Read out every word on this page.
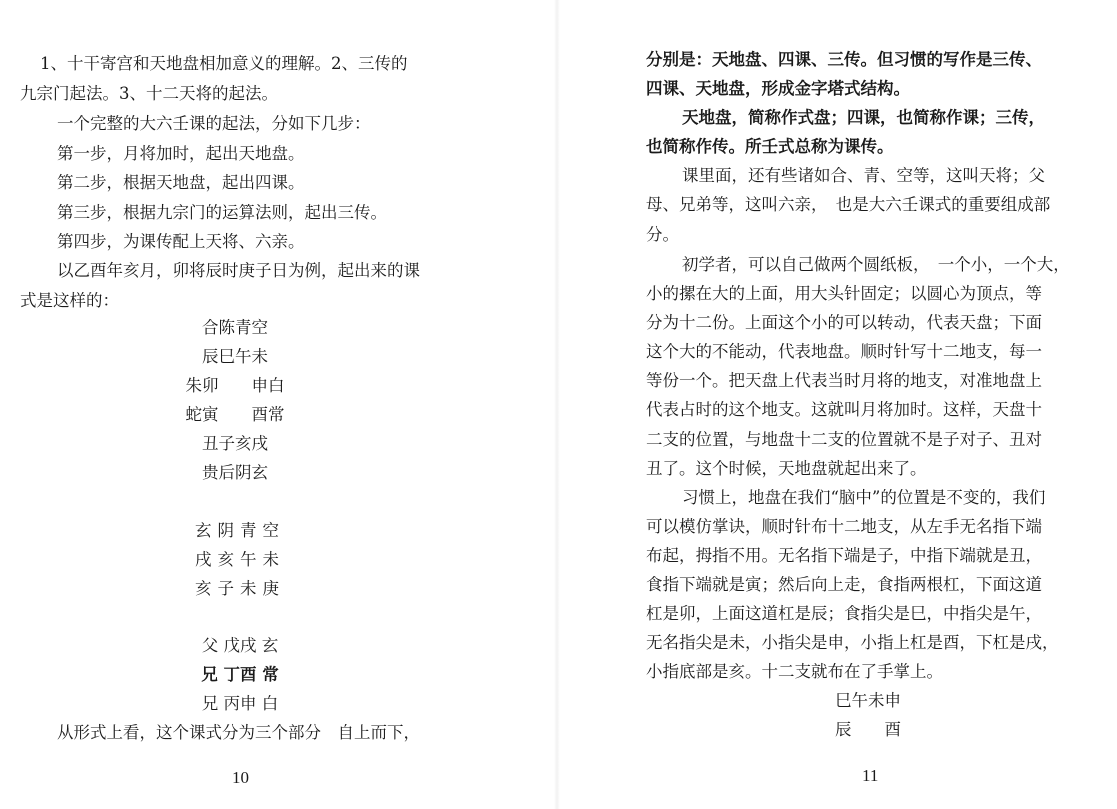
1、十干寄宫和天地盘相加意义的理解。2、三传的
九宗门起法。3、十二天将的起法。
一个完整的大六壬课的起法，分如下几步：
第一步，月将加时，起出天地盘。
第二步，根据天地盘，起出四课。
第三步，根据九宗门的运算法则，起出三传。
第四步，为课传配上天将、六亲。
以乙酉年亥月，卯将辰时庚子日为例，起出来的课
式是这样的：
合陈青空
辰巳午未
朱卯　　申白
蛇寅　　酉常
丑子亥戌
贵后阴玄
玄阴青空
戌亥午未
亥子未庚
父 戊戌 玄
兄 丁酉 常
兄 丙申 白
从形式上看，这个课式分为三个部分　自上而下，
10
分别是：天地盘、四课、三传。但习惯的写作是三传、
四课、天地盘，形成金字塔式结构。
天地盘，简称作式盘；四课，也简称作课；三传，
也简称作传。所壬式总称为课传。
课里面，还有些诸如合、青、空等，这叫天将；父
母、兄弟等，这叫六亲，　也是大六壬课式的重要组成部
分。
初学者，可以自己做两个圆纸板，　一个小，一个大，
小的摞在大的上面，用大头针固定；以圆心为顶点，等
分为十二份。上面这个小的可以转动，代表天盘；下面
这个大的不能动，代表地盘。顺时针写十二地支，每一
等份一个。把天盘上代表当时月将的地支，对准地盘上
代表占时的这个地支。这就叫月将加时。这样，天盘十
二支的位置，与地盘十二支的位置就不是子对子、丑对
丑了。这个时候，天地盘就起出来了。
习惯上，地盘在我们“脑中”的位置是不变的，我们
可以模仿掌诀，顺时针布十二地支，从左手无名指下端
布起，拇指不用。无名指下端是子，中指下端就是丑，
食指下端就是寅；然后向上走，食指两根杠，下面这道
杠是卯，上面这道杠是辰；食指尖是巳，中指尖是午，
无名指尖是未，小指尖是申，小指上杠是酉，下杠是戌，
小指底部是亥。十二支就布在了手掌上。
巳午未申
辰　　酉
11
